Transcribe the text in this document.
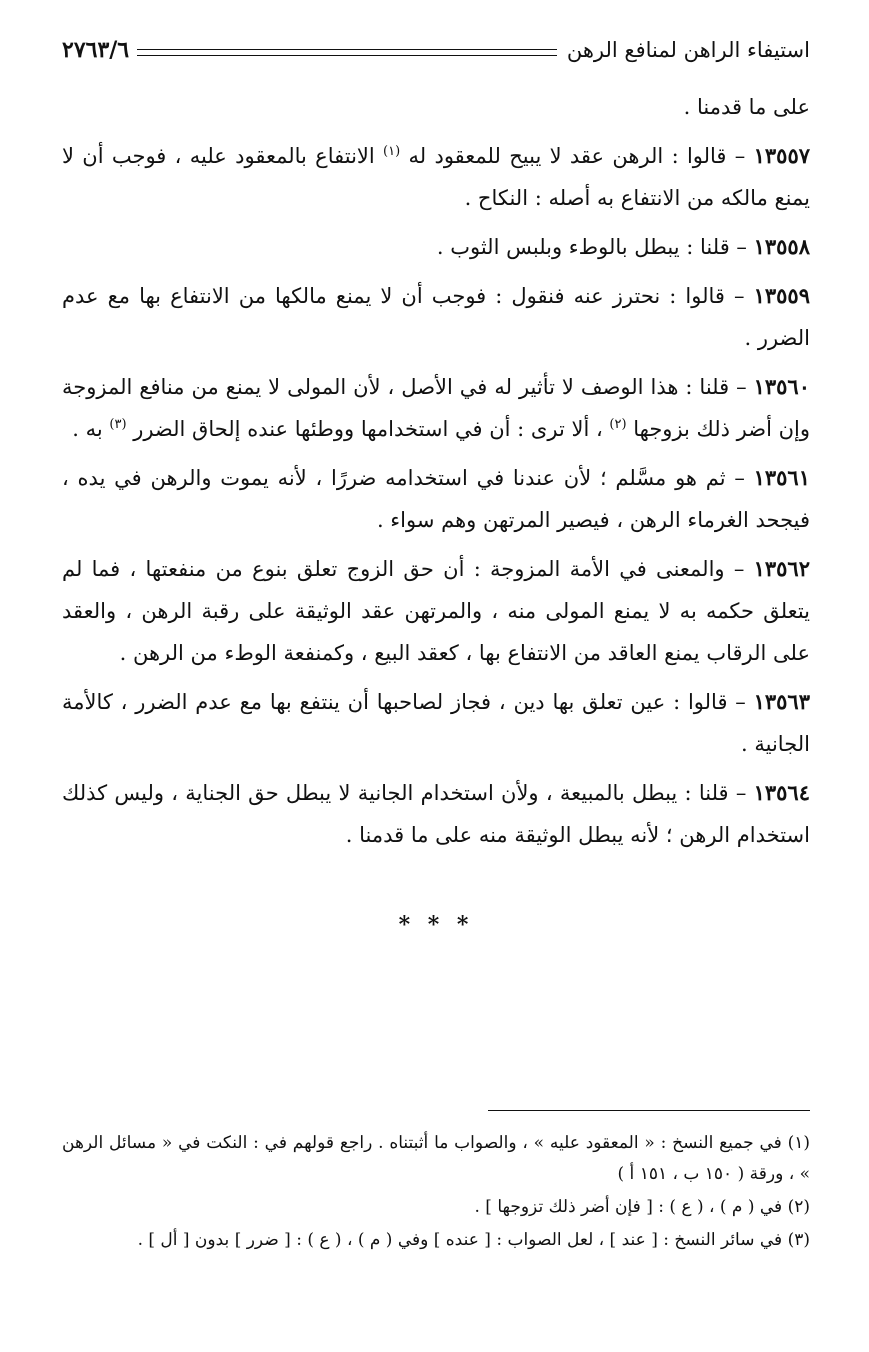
استيفاء الراهن لمنافع الرهن
٢٧٦٣/٦

على ما قدمنا .

١٣٥٥٧ – قالوا : الرهن عقد لا يبيح للمعقود له $^{(١)}$ الانتفاع بالمعقود عليه ، فوجب أن لا يمنع مالكه من الانتفاع به أصله : النكاح .

١٣٥٥٨ – قلنا : يبطل بالوطء وبلبس الثوب .

١٣٥٥٩ – قالوا : نحترز عنه فنقول : فوجب أن لا يمنع مالكها من الانتفاع بها مع عدم الضرر .

١٣٥٦٠ – قلنا : هذا الوصف لا تأثير له في الأصل ، لأن المولى لا يمنع من منافع المزوجة وإن أضر ذلك بزوجها $^{(٢)}$ ، ألا ترى : أن في استخدامها ووطئها عنده إلحاق الضرر $^{(٣)}$ به .

١٣٥٦١ – ثم هو مسَّلم ؛ لأن عندنا في استخدامه ضررًا ، لأنه يموت والرهن في يده ، فيجحد الغرماء الرهن ، فيصير المرتهن وهم سواء .

١٣٥٦٢ – والمعنى في الأمة المزوجة : أن حق الزوج تعلق بنوع من منفعتها ، فما لم يتعلق حكمه به لا يمنع المولى منه ، والمرتهن عقد الوثيقة على رقبة الرهن ، والعقد على الرقاب يمنع العاقد من الانتفاع بها ، كعقد البيع ، وكمنفعة الوطء من الرهن .

١٣٥٦٣ – قالوا : عين تعلق بها دين ، فجاز لصاحبها أن ينتفع بها مع عدم الضرر ، كالأمة الجانية .

١٣٥٦٤ – قلنا : يبطل بالمبيعة ، ولأن استخدام الجانية لا يبطل حق الجناية ، وليس كذلك استخدام الرهن ؛ لأنه يبطل الوثيقة منه على ما قدمنا .

* * *

(١) في جميع النسخ : « المعقود عليه » ، والصواب ما أثبتناه . راجع قولهم في : النكت في « مسائل الرهن » ، ورقة ( ١٥٠ ب ، ١٥١ أ )

(٢) في ( م ) ، ( ع ) : [ فإن أضر ذلك تزوجها ] .

(٣) في سائر النسخ : [ عند ] ، لعل الصواب : [ عنده ] وفي ( م ) ، ( ع ) : [ ضرر ] بدون [ أل ] .
